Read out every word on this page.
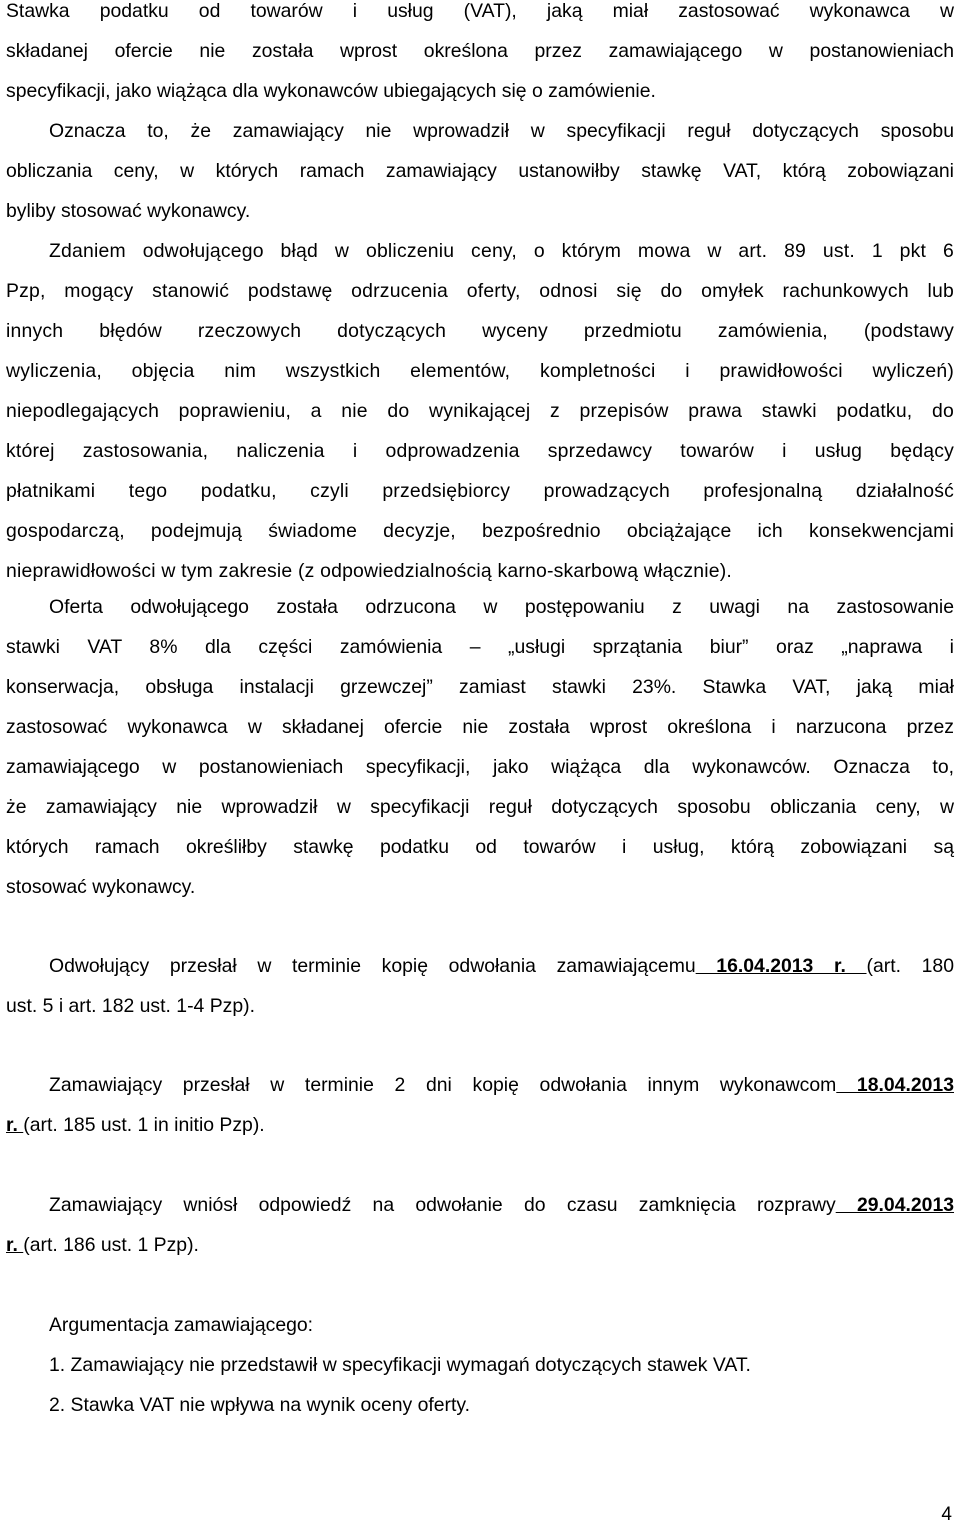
Stawka podatku od towarów i usług (VAT), jaką miał zastosować wykonawca w
składanej ofercie nie została wprost określona przez zamawiającego w postanowieniach
specyfikacji, jako wiążąca dla wykonawców ubiegających się o zamówienie.
Oznacza to, że zamawiający nie wprowadził w specyfikacji reguł dotyczących sposobu
obliczania ceny, w których ramach zamawiający ustanowiłby stawkę VAT, którą zobowiązani
byliby stosować wykonawcy.
Zdaniem odwołującego błąd w obliczeniu ceny, o którym mowa w art. 89 ust. 1 pkt 6
Pzp, mogący stanowić podstawę odrzucenia oferty, odnosi się do omyłek rachunkowych lub
innych błędów rzeczowych dotyczących wyceny przedmiotu zamówienia, (podstawy
wyliczenia, objęcia nim wszystkich elementów, kompletności i prawidłowości wyliczeń)
niepodlegających poprawieniu, a nie do wynikającej z przepisów prawa stawki podatku, do
której zastosowania, naliczenia i odprowadzenia sprzedawcy towarów i usług będący
płatnikami tego podatku, czyli przedsiębiorcy prowadzących profesjonalną działalność
gospodarczą, podejmują świadome decyzje, bezpośrednio obciążające ich konsekwencjami
nieprawidłowości w tym zakresie (z odpowiedzialnością karno-skarbową włącznie).
Oferta odwołującego została odrzucona w postępowaniu z uwagi na zastosowanie
stawki VAT 8% dla części zamówienia – „usługi sprzątania biur” oraz „naprawa i
konserwacja, obsługa instalacji grzewczej” zamiast stawki 23%. Stawka VAT, jaką miał
zastosować wykonawca w składanej ofercie nie została wprost określona i narzucona przez
zamawiającego w postanowieniach specyfikacji, jako wiążąca dla wykonawców. Oznacza to,
że zamawiający nie wprowadził w specyfikacji reguł dotyczących sposobu obliczania ceny, w
których ramach określiłby stawkę podatku od towarów i usług, którą zobowiązani są
stosować wykonawcy.
Odwołujący przesłał w terminie kopię odwołania zamawiającemu 16.04.2013 r. (art. 180
ust. 5 i art. 182 ust. 1-4 Pzp).
Zamawiający przesłał w terminie 2 dni kopię odwołania innym wykonawcom 18.04.2013
r. (art. 185 ust. 1 in initio Pzp).
Zamawiający wniósł odpowiedź na odwołanie do czasu zamknięcia rozprawy 29.04.2013
r. (art. 186 ust. 1 Pzp).
Argumentacja zamawiającego:
1. Zamawiający nie przedstawił w specyfikacji wymagań dotyczących stawek VAT.
2. Stawka VAT nie wpływa na wynik oceny oferty.
4
